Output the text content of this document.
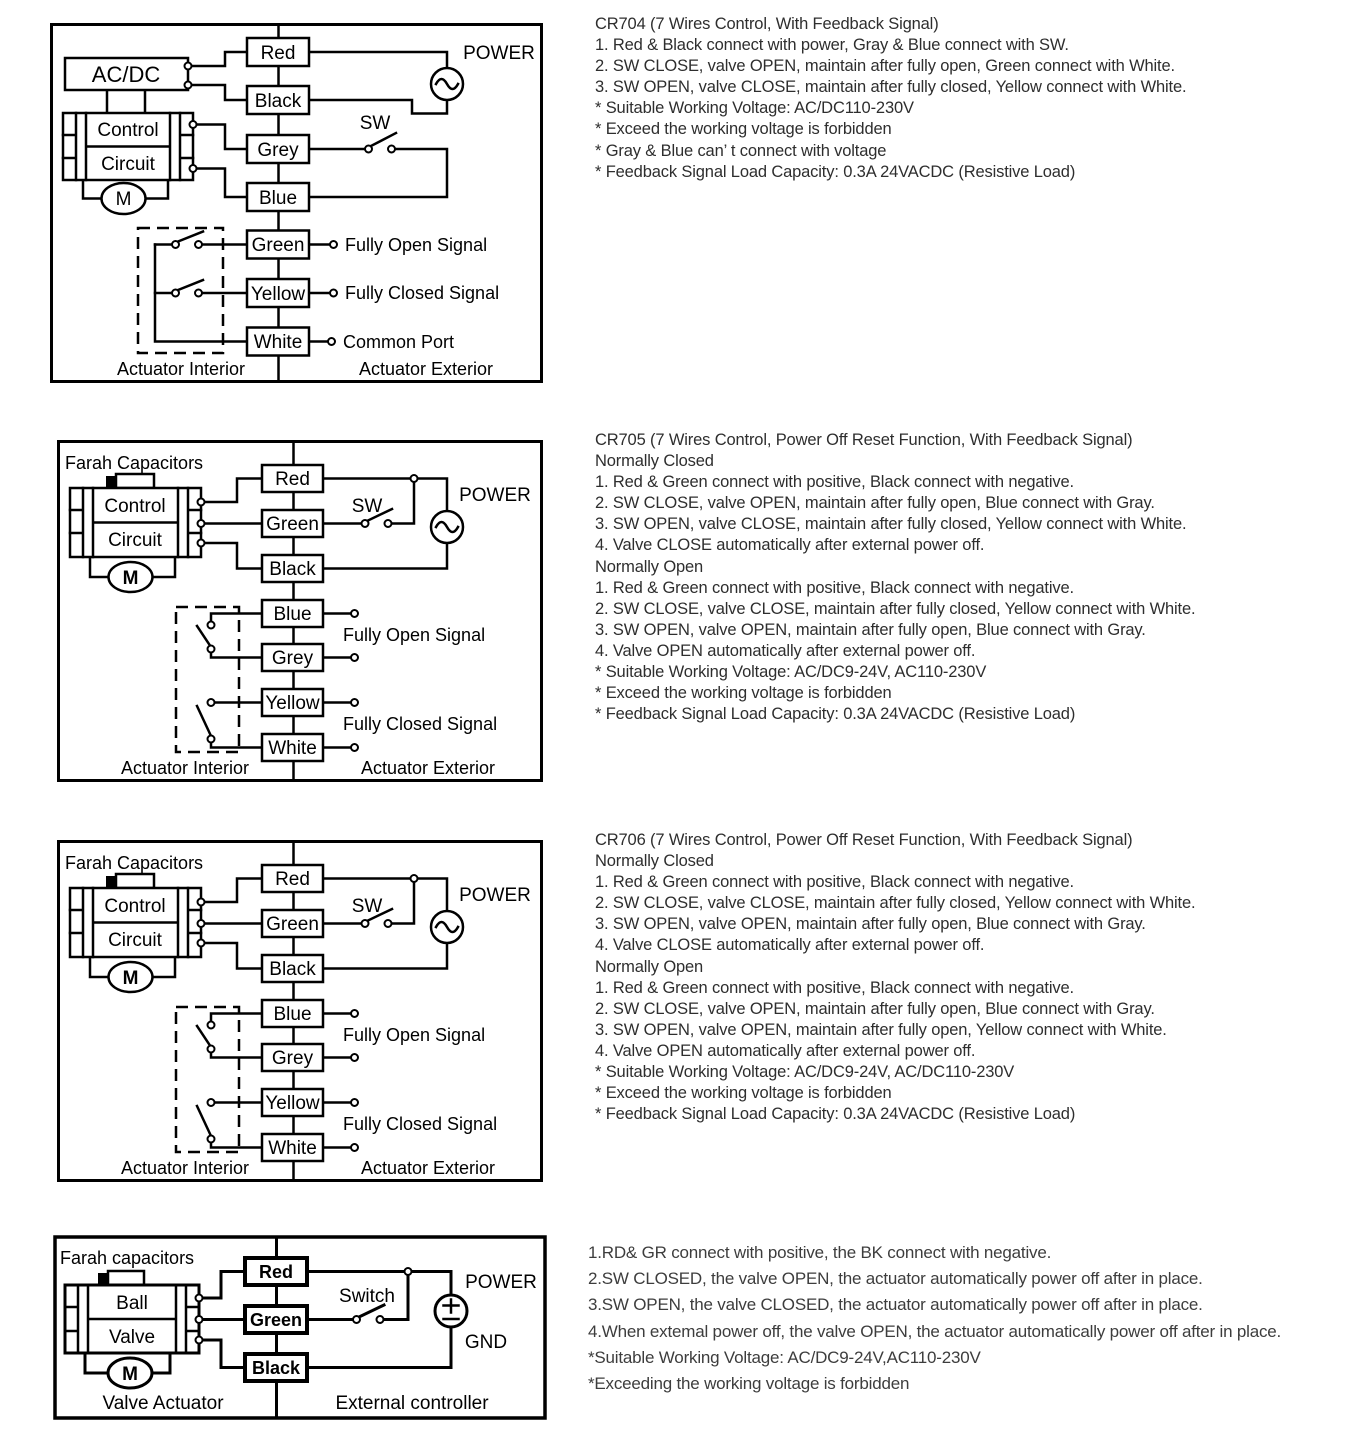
AC/DC
Control
Circuit
M
Red
Black
Grey
Blue
Green
Yellow
White
POWER
SW
Fully Open Signal
Fully Closed Signal
Common Port
Actuator Interior	Actuator Exterior
CR704 (7 Wires Control, With Feedback Signal)
1. Red & Black connect with power, Gray & Blue connect with SW.
2. SW CLOSE, valve OPEN, maintain after fully open, Green connect with White.
3. SW OPEN, valve CLOSE, maintain after fully closed, Yellow connect with White.
* Suitable Working Voltage: AC/DC110-230V
* Exceed the working voltage is forbidden
* Gray & Blue can’ t connect with voltage
* Feedback Signal Load Capacity: 0.3A 24VACDC (Resistive Load)
Farah Capacitors
Control
Circuit
M
Red
Green
Black
Blue
Grey
Yellow
White
POWER
SW
Fully Open Signal
Fully Closed Signal
Actuator Interior	Actuator Exterior
CR705 (7 Wires Control, Power Off Reset Function, With Feedback Signal)
Normally Closed
1. Red & Green connect with positive, Black connect with negative.
2. SW CLOSE, valve OPEN, maintain after fully open, Blue connect with Gray.
3. SW OPEN, valve CLOSE, maintain after fully closed, Yellow connect with White.
4. Valve CLOSE automatically after external power off.
Normally Open
1. Red & Green connect with positive, Black connect with negative.
2. SW CLOSE, valve CLOSE, maintain after fully closed, Yellow connect with White.
3. SW OPEN, valve OPEN, maintain after fully open, Blue connect with Gray.
4. Valve OPEN automatically after external power off.
* Suitable Working Voltage: AC/DC9-24V, AC110-230V
* Exceed the working voltage is forbidden
* Feedback Signal Load Capacity: 0.3A 24VACDC (Resistive Load)
Farah Capacitors
Control
Circuit
M
Red
Green
Black
Blue
Grey
Yellow
White
POWER
SW
Fully Open Signal
Fully Closed Signal
Actuator Interior	Actuator Exterior
CR706 (7 Wires Control, Power Off Reset Function, With Feedback Signal)
Normally Closed
1. Red & Green connect with positive, Black connect with negative.
2. SW CLOSE, valve CLOSE, maintain after fully closed, Yellow connect with White.
3. SW OPEN, valve OPEN, maintain after fully open, Blue connect with Gray.
4. Valve CLOSE automatically after external power off.
Normally Open
1. Red & Green connect with positive, Black connect with negative.
2. SW CLOSE, valve OPEN, maintain after fully open, Blue connect with Gray.
3. SW OPEN, valve OPEN, maintain after fully open, Yellow connect with White.
4. Valve OPEN automatically after external power off.
* Suitable Working Voltage: AC/DC9-24V, AC/DC110-230V
* Exceed the working voltage is forbidden
* Feedback Signal Load Capacity: 0.3A 24VACDC (Resistive Load)
Farah capacitors
Ball
Valve
M
Red
Green
Black
Switch
POWER
GND
Valve Actuator	External controller
1.RD& GR connect with positive, the BK connect with negative.
2.SW CLOSED, the valve OPEN, the actuator automatically power off after in place.
3.SW OPEN, the valve CLOSED, the actuator automatically power off after in place.
4.When extemal power off, the valve OPEN, the actuator automatically power off after in place.
*Suitable Working Voltage: AC/DC9-24V,AC110-230V
*Exceeding the working voltage is forbidden
